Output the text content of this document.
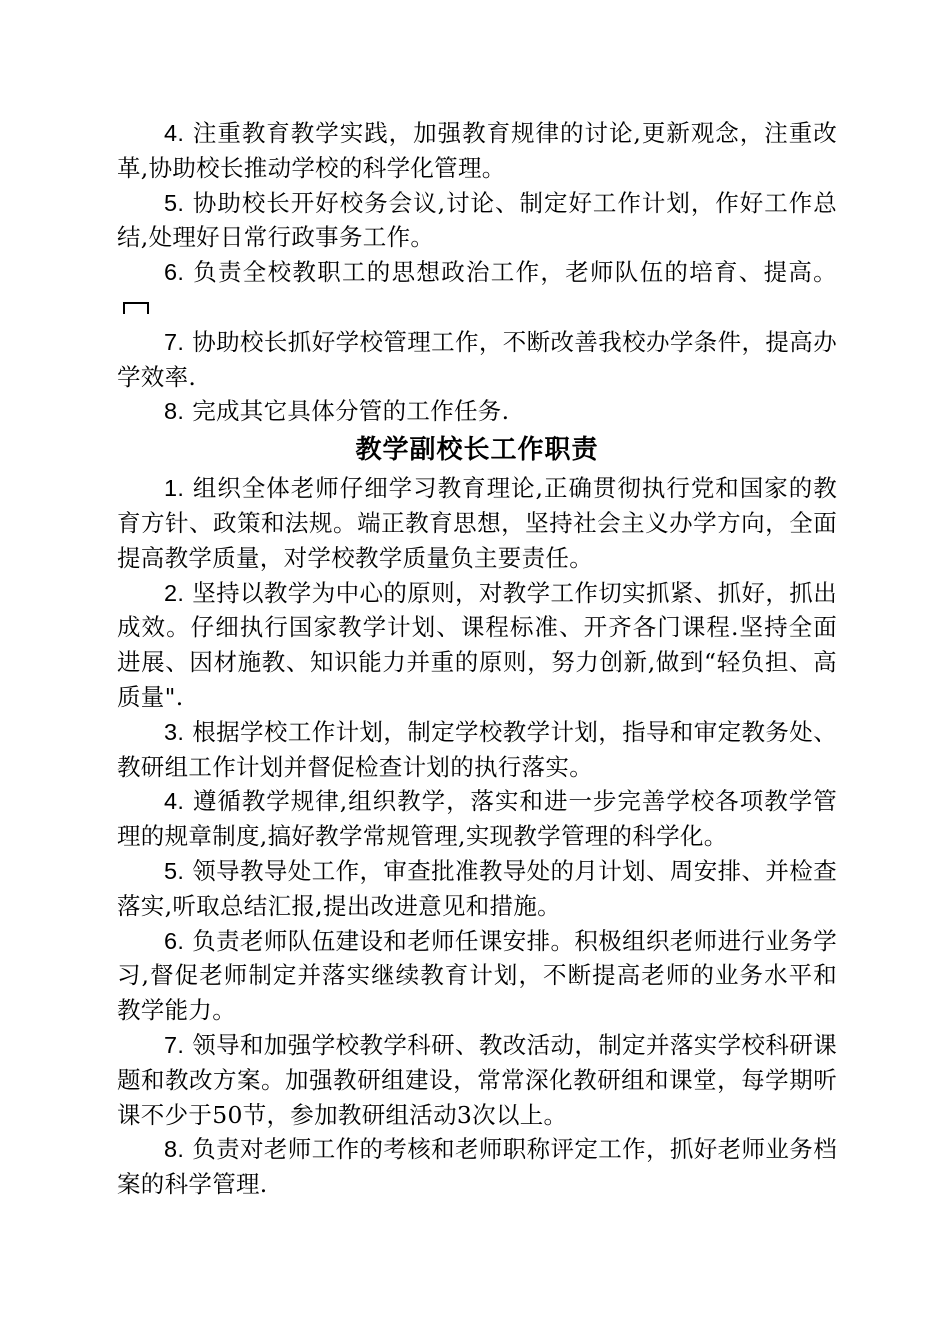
4. 注重教育教学实践，加强教育规律的讨论,更新观念，注重改革,协助校长推动学校的科学化管理。

5. 协助校长开好校务会议,讨论、制定好工作计划，作好工作总结,处理好日常行政事务工作。

6. 负责全校教职工的思想政治工作，老师队伍的培育、提高。

7. 协助校长抓好学校管理工作，不断改善我校办学条件，提高办学效率.

8. 完成其它具体分管的工作任务.

教学副校长工作职责

1. 组织全体老师仔细学习教育理论,正确贯彻执行党和国家的教育方针、政策和法规。端正教育思想，坚持社会主义办学方向，全面提高教学质量，对学校教学质量负主要责任。

2. 坚持以教学为中心的原则，对教学工作切实抓紧、抓好，抓出成效。仔细执行国家教学计划、课程标准、开齐各门课程.坚持全面进展、因材施教、知识能力并重的原则，努力创新,做到“轻负担、高质量".

3. 根据学校工作计划，制定学校教学计划，指导和审定教务处、教研组工作计划并督促检查计划的执行落实。

4. 遵循教学规律,组织教学，落实和进一步完善学校各项教学管理的规章制度,搞好教学常规管理,实现教学管理的科学化。

5. 领导教导处工作，审查批准教导处的月计划、周安排、并检查落实,听取总结汇报,提出改进意见和措施。

6. 负责老师队伍建设和老师任课安排。积极组织老师进行业务学习,督促老师制定并落实继续教育计划，不断提高老师的业务水平和教学能力。

7. 领导和加强学校教学科研、教改活动，制定并落实学校科研课题和教改方案。加强教研组建设，常常深化教研组和课堂，每学期听课不少于50节，参加教研组活动3次以上。

8. 负责对老师工作的考核和老师职称评定工作，抓好老师业务档案的科学管理.
